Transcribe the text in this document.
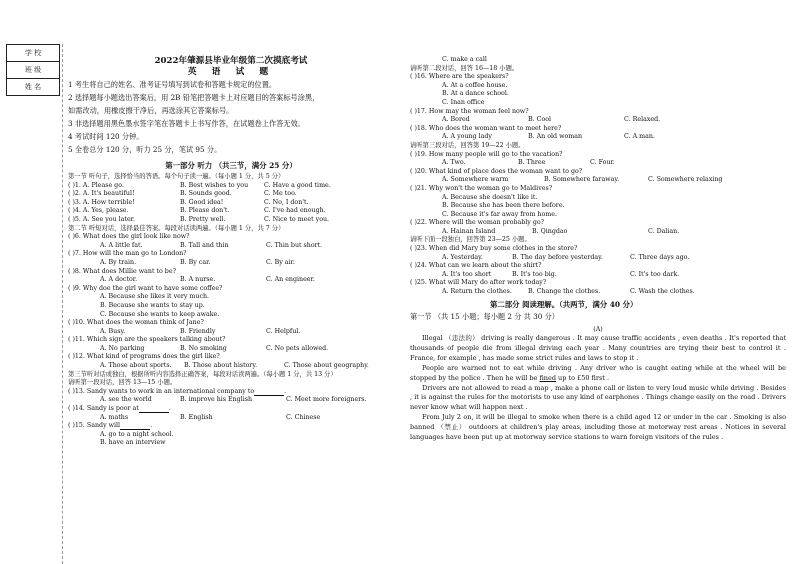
学 校
班 级
姓 名
2022年肇源县毕业年级第二次摸底考试
英 语 试 题
1 考生将自己的姓名、准考证号填写到试卷和答题卡规定的位置。
2 选择题每小题选出答案后，用 2B 铅笔把答题卡上对应题目的答案标号涂黑，
如需改动，用橡皮擦干净后，再选涂其它答案标号。
3 非选择题用黑色墨水签字笔在答题卡上书写作答，在试题卷上作答无效。
4 考试时间 120 分钟。
5 全卷总分 120 分，听力 25 分，笔试 95 分。
第一部分 听力 （共三节，满分 25 分）
第一节 听句子，选择恰当的答语。每个句子读一遍。（每小题 1 分，共 5 分）
( )1. A. Please go.	B. Best wishes to you	C. Have a good time.
( )2. A. It's beautiful!	B. Sounds good.	C. Me too.
( )3. A. How terrible!	B. Good idea!	C. No, I don't.
( )4. A. Yes, please.	B. Please don't.	C. I've had enough.
( )5. A. See you later.	B. Pretty well.	C. Nice to meet you.
第二节 听短对话，选择最佳答案。每段对话读两遍。（每小题 1 分，共 7 分）
( )6. What does the girl look like now?
A. A little fat.	B. Tall and thin	C. Thin but short.
( )7. How will the man go to London?
A. By train.	B. By car.	C. By air.
( )8. What does Millie want to be?
A. A doctor.	B. A nurse.	C. An engineer.
( )9. Why doe the girl want to have some coffee?
A. Because she likes it very much.
B. Because she wants to stay up.
C. Because she wants to keep awake.
( )10. What does the woman think of Jane?
A. Busy.	B. Friendly	C. Helpful.
( )11. Which sign are the speakers talking about?
A. No parking	B. No smoking	C. No pets allowed.
( )12. What kind of programs does the girl like?
A. Those about sports.	B. Those about history.	C. Those about geography.
第三节听对话或独白，根据所听内容选择正确答案，每段对话读两遍。（每小题 1 分，共 13 分）
请听第一段对话，回答 13—15 小题。
( )13. Sandy wants to work in an international company to	.
A. see the world	B. improve his English	C. Meet more foreigners.
( )14. Sandy is poor at	.
A. maths	B. English	C. Chinese
( )15. Sandy will	.
A. go to a night school.
B. have an interview
C. make a call
请听第二段对话，回答 16—18 小题。
( )16. Where are the speakers?
A. At a coffee house.
B. At a dance school.
C. Inan office
( )17. How may the woman feel now?
A. Bored	B. Cool	C. Relaxed.
( )18. Who does the woman want to meet here?
A. A young lady	B. An old woman	C. A man.
请听第三段对话，回答第 19—22 小题。
( )19. How many people will go to the vacation?
A. Two.	B. Three	C. Four.
( )20. What kind of place does the woman want to go?
A. Somewhere warm	B. Somewhere faraway.	C. Somewhere relaxing
( )21. Why won't the woman go to Maldives?
A. Because she doesn't like it.
B. Because she has been there before.
C. Because it's far away from home.
( )22. Where will the woman probably go?
A. Hainan Island	B. Qingdao	C. Dalian.
请听下面一段独白，回答第 23—25 小题。
( )23. When did Mary buy some clothes in the store?
A. Yesterday.	B. The day before yesterday.	C. Three days ago.
( )24. What can we learn about the shirt?
A. It's too short	B. It's too big.	C. It's too dark.
( )25. What will Mary do after work today?
A. Return the clothes.	B. Change the clothes.	C. Wash the clothes.
第二部分 阅读理解。（共两节，满分 40 分）
第一节 （共 15 小题；每小题 2 分 共 30 分）
(A)

Illegal （违法的） driving is really dangerous . It may cause traffic accidents , even deaths . It's reported that thousands of people die from illegal driving each year . Many countries are trying their best to control it . France, for example , has made some strict rules and laws to stop it .

People are warned not to eat while driving . Any driver who is caught eating while at the wheel will be stopped by the police . Then he will be fined up to £50 first .

Drivers are not allowed to read a map , make a phone call or listen to very loud music while driving . Besides , it is against the rules for the motorists to use any kind of earphones . Things change easily on the road . Drivers never know what will happen next .

From July 2 on, it will be illegal to smoke when there is a child aged 12 or under in the car . Smoking is also banned （禁止） outdoors at children's play areas, including those at motorway rest areas . Notices in several languages have been put up at motorway service stations to warn foreign visitors of the rules .
